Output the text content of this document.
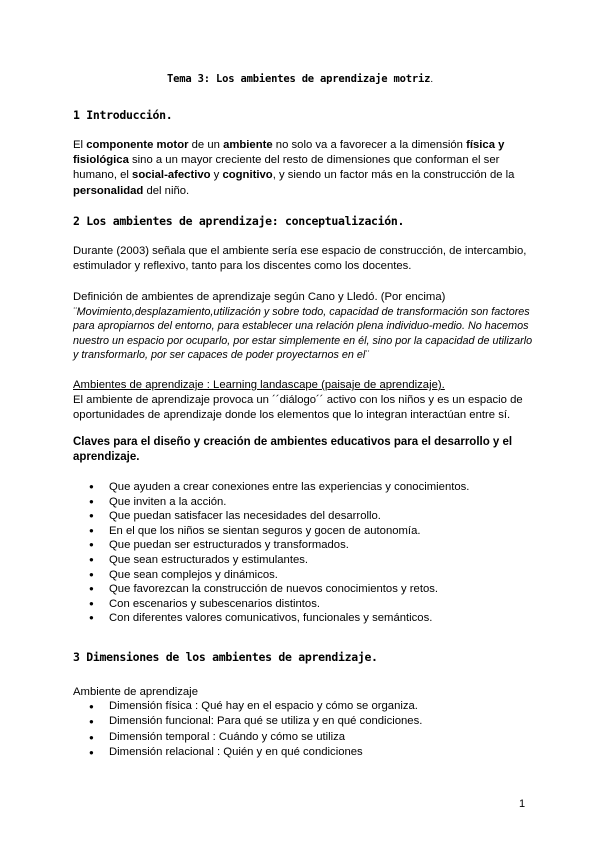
Tema 3: Los ambientes de aprendizaje motriz.
1 Introducción.
El componente motor de un ambiente no solo va a favorecer a la dimensión física y fisiológica sino a un mayor creciente del resto de dimensiones que conforman el ser humano, el social-afectivo y cognitivo, y siendo un factor más en la construcción de la personalidad del niño.
2 Los ambientes de aprendizaje: conceptualización.
Durante (2003) señala que el ambiente sería ese espacio de construcción, de intercambio, estimulador y reflexivo, tanto para los discentes como los docentes.
Definición de ambientes de aprendizaje según Cano y Lledó. (Por encima)
¨Movimiento,desplazamiento,utilización y sobre todo, capacidad de transformación son factores para apropiarnos del entorno, para establecer una relación plena individuo-medio. No hacemos nuestro un espacio por ocuparlo, por estar simplemente en él, sino por la capacidad de utilizarlo y transformarlo, por ser capaces de poder proyectarnos en el¨
Ambientes de aprendizaje : Learning landascape (paisaje de aprendizaje).
El ambiente de aprendizaje provoca un ´´diálogo´´ activo con los niños y es un espacio de oportunidades de aprendizaje donde los elementos que lo integran interactúan entre sí.
Claves para el diseño y creación de ambientes educativos para el desarrollo y el aprendizaje.
● Que ayuden a crear conexiones entre las experiencias y conocimientos.
● Que inviten a la acción.
● Que puedan satisfacer las necesidades del desarrollo.
● En el que los niños se sientan seguros y gocen de autonomía.
● Que puedan ser estructurados y transformados.
● Que sean estructurados y estimulantes.
● Que sean complejos y dinámicos.
● Que favorezcan la construcción de nuevos conocimientos y retos.
● Con escenarios y subescenarios distintos.
● Con diferentes valores comunicativos, funcionales y semánticos.
3 Dimensiones de los ambientes de aprendizaje.
Ambiente de aprendizaje
● Dimensión física : Qué hay en el espacio y cómo se organiza.
● Dimensión funcional: Para qué se utiliza y en qué condiciones.
● Dimensión temporal : Cuándo y cómo se utiliza
● Dimensión relacional : Quién y en qué condiciones
1
